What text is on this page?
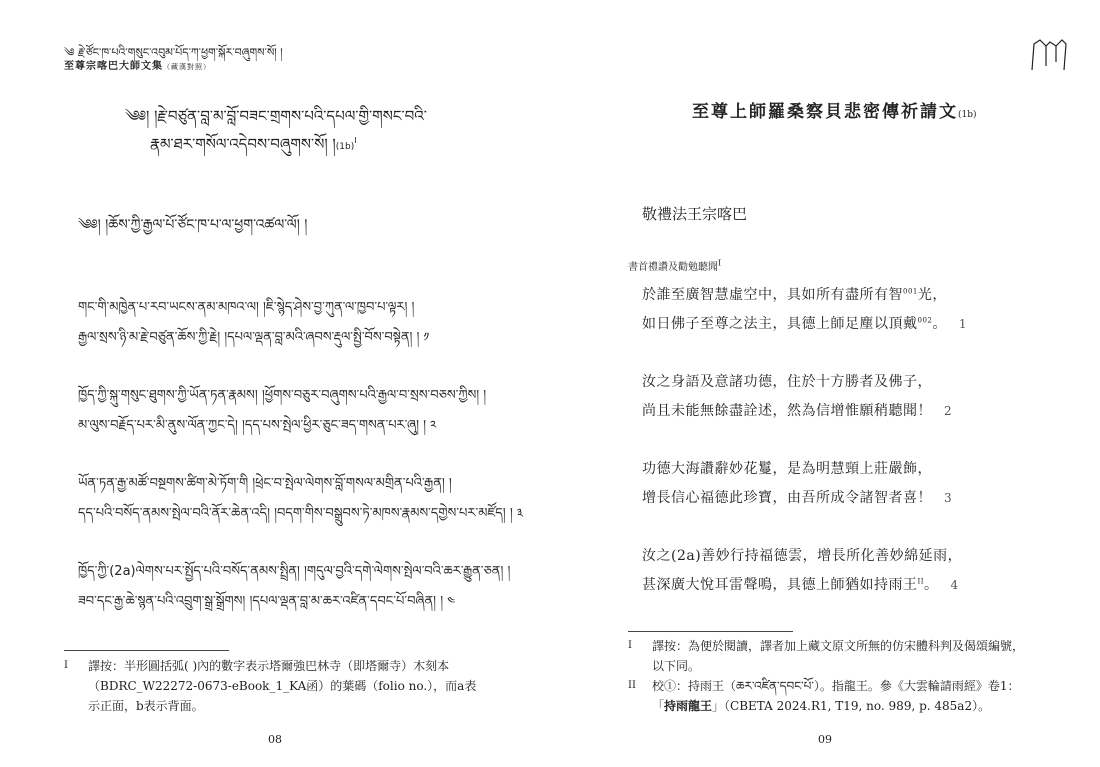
༄ རྗེ་ཙོང་ཁ་པའི་གསུང་འབུམ་པོད་ཀ་ཕྱག་སྐོར་བཞུགས་སོ། །
至尊宗喀巴大師文集（藏漢對照）
༄༅། །རྗེ་བཙུན་བླ་མ་བློ་བཟང་གྲགས་པའི་དཔལ་གྱི་གསང་བའི་
རྣམ་ཐར་གསོལ་འདེབས་བཞུགས་སོ། $།(1b)^I$
༄༅། །ཆོས་ཀྱི་རྒྱལ་པོ་ཙོང་ཁ་པ་ལ་ཕྱག་འཚལ་ལོ། །
གང་གི་མཁྱེན་པ་རབ་ཡངས་ནམ་མཁའ་ལ། །ཇི་སྙེད་ཤེས་བྱ་ཀུན་ལ་ཁྱབ་པ་ལྟར། །
རྒྱལ་སྲས་ཉི་མ་རྗེ་བཙུན་ཆོས་ཀྱི་རྗེ། །དཔལ་ལྡན་བླ་མའི་ཞབས་རྡུལ་སྤྱི་བོས་བསྟེན། ། ༡
ཁྱོད་ཀྱི་སྐུ་གསུང་ཐུགས་ཀྱི་ཡོན་ཏན་རྣམས། །ཕྱོགས་བཅུར་བཞུགས་པའི་རྒྱལ་བ་སྲས་བཅས་ཀྱིས། །
མ་ལུས་བརྗོད་པར་མི་ནུས་ལོན་ཀྱང་དེ། །དད་པས་སྤེལ་ཕྱིར་ཅུང་ཟད་གསན་པར་ཞུ། ། ༢
ཡོན་ཏན་རྒྱ་མཚོ་བསྔགས་ཚིག་མེ་ཏོག་གི །ཕྲེང་བ་སྤེལ་ལེགས་བློ་གསལ་མགྲིན་པའི་རྒྱན། །
དད་པའི་བསོད་ནམས་སྤེལ་བའི་ནོར་ཆེན་འདི། །བདག་གིས་བསྒྲུབས་ཏེ་མཁས་རྣམས་དགྱེས་པར་མཛོད། ། ༣
ཁྱོད་ཀྱི་(2a)ལེགས་པར་སྤྱོད་པའི་བསོད་ནམས་སྤྲིན། །གདུལ་བྱའི་དགེ་ལེགས་སྤེལ་བའི་ཆར་རྒྱུན་ཅན། །
ཟབ་དང་རྒྱ་ཆེ་སྙན་པའི་འབྲུག་སྒྲ་སྒྲོགས། །དཔལ་ལྡན་བླ་མ་ཆར་འཛིན་དབང་པོ་བཞིན། ། ༤
I 譯按：半形圓括弧( )內的數字表示塔爾強巴林寺（即塔爾寺）木刻本（BDRC_W22272-0673-eBook_1_KA函）的葉碼（folio no.），而a表示正面，b表示背面。
08
至尊上師羅桑察貝悲密傳祈請文(1b)
敬禮法王宗喀巴
書首禮讚及勸勉聽聞$^I$
於誰至廣智慧虛空中，具如所有盡所有智$^{001}$光，
如日佛子至尊之法主，具德上師足塵以頂戴$^{002}$。 1
汝之身語及意諸功德，住於十方勝者及佛子，
尚且未能無餘盡詮述，然為信增惟願稍聽聞！ 2
功德大海讚辭妙花鬘，是為明慧頸上莊嚴飾，
增長信心福德此珍寶，由吾所成令諸智者喜！ 3
汝之(2a)善妙行持福德雲，增長所化善妙綿延雨，
甚深廣大悅耳雷聲鳴，具德上師猶如持雨王$^{II}$。 4
I 譯按：為便於閱讀，譯者加上藏文原文所無的仿宋體科判及偈頌編號，以下同。
II 校①：持雨王（ཆར་འཛིན་དབང་པོ་）。指龍王。參《大雲輪請雨經》卷1：「持雨龍王」（CBETA 2024.R1, T19, no. 989, p. 485a2）。
09
